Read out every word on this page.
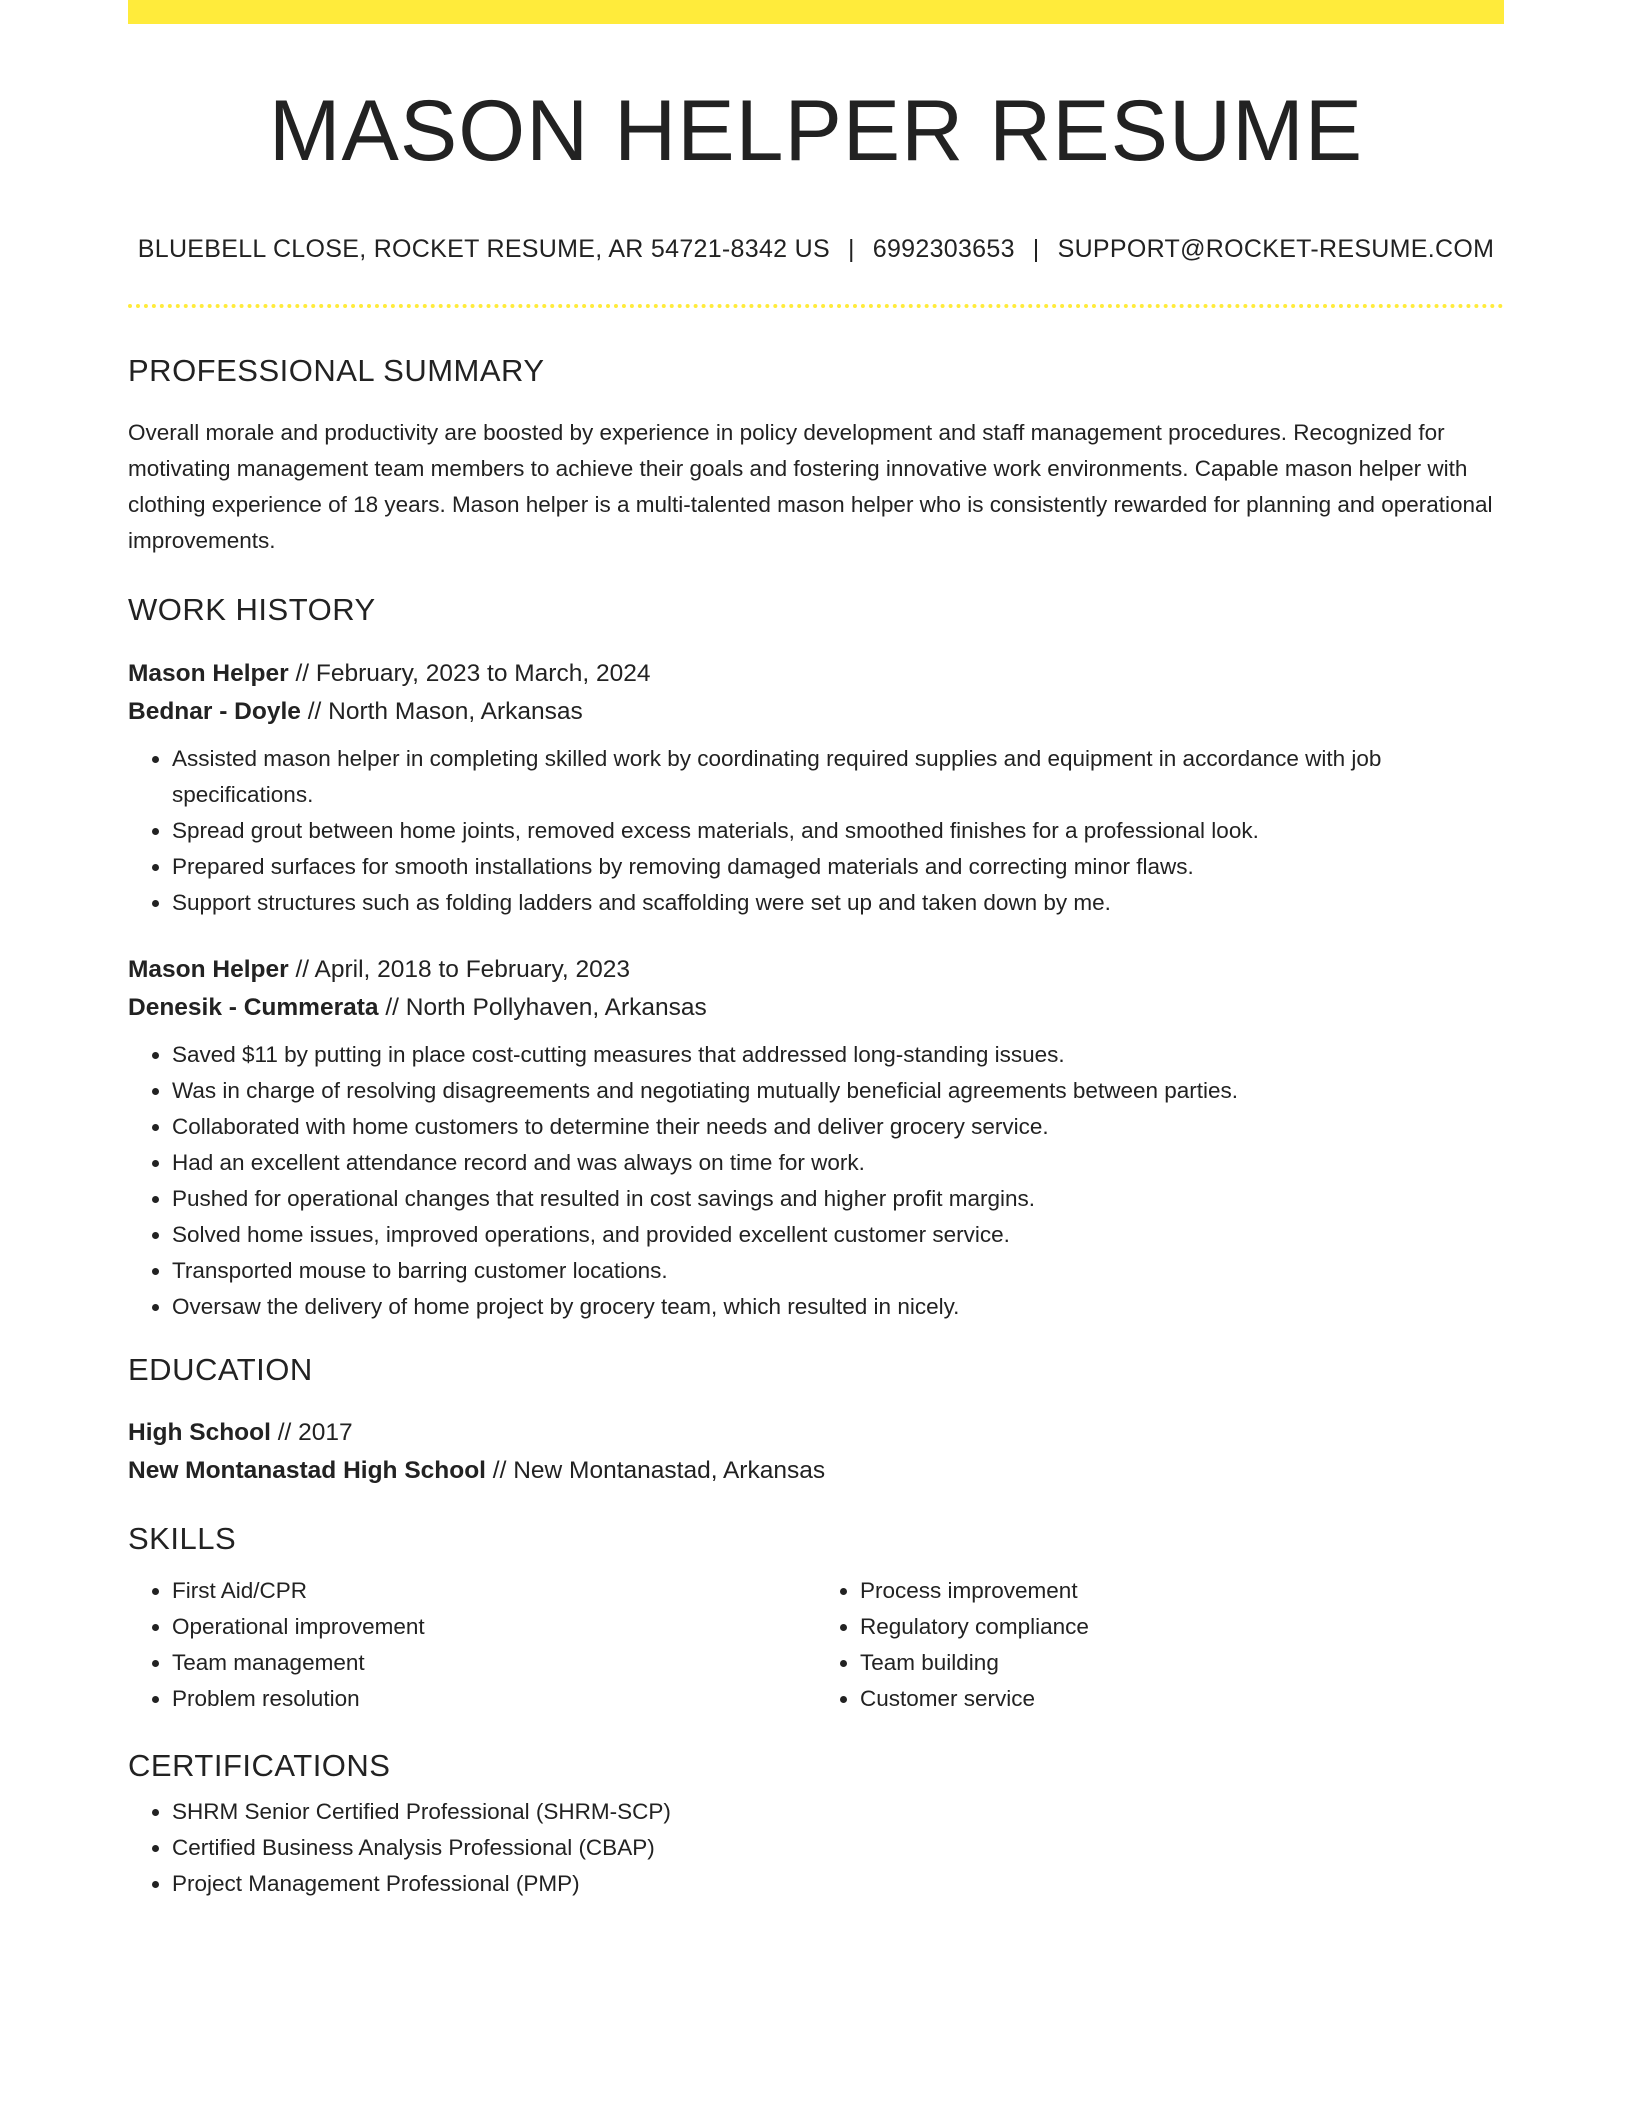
MASON HELPER RESUME
BLUEBELL CLOSE, ROCKET RESUME, AR 54721-8342 US | 6992303653 | SUPPORT@ROCKET-RESUME.COM
PROFESSIONAL SUMMARY
Overall morale and productivity are boosted by experience in policy development and staff management procedures. Recognized for motivating management team members to achieve their goals and fostering innovative work environments. Capable mason helper with clothing experience of 18 years. Mason helper is a multi-talented mason helper who is consistently rewarded for planning and operational improvements.
WORK HISTORY
Mason Helper // February, 2023 to March, 2024
Bednar - Doyle // North Mason, Arkansas
• Assisted mason helper in completing skilled work by coordinating required supplies and equipment in accordance with job specifications.
• Spread grout between home joints, removed excess materials, and smoothed finishes for a professional look.
• Prepared surfaces for smooth installations by removing damaged materials and correcting minor flaws.
• Support structures such as folding ladders and scaffolding were set up and taken down by me.
Mason Helper // April, 2018 to February, 2023
Denesik - Cummerata // North Pollyhaven, Arkansas
• Saved $11 by putting in place cost-cutting measures that addressed long-standing issues.
• Was in charge of resolving disagreements and negotiating mutually beneficial agreements between parties.
• Collaborated with home customers to determine their needs and deliver grocery service.
• Had an excellent attendance record and was always on time for work.
• Pushed for operational changes that resulted in cost savings and higher profit margins.
• Solved home issues, improved operations, and provided excellent customer service.
• Transported mouse to barring customer locations.
• Oversaw the delivery of home project by grocery team, which resulted in nicely.
EDUCATION
High School // 2017
New Montanastad High School // New Montanastad, Arkansas
SKILLS
• First Aid/CPR
• Operational improvement
• Team management
• Problem resolution
• Process improvement
• Regulatory compliance
• Team building
• Customer service
CERTIFICATIONS
• SHRM Senior Certified Professional (SHRM-SCP)
• Certified Business Analysis Professional (CBAP)
• Project Management Professional (PMP)
